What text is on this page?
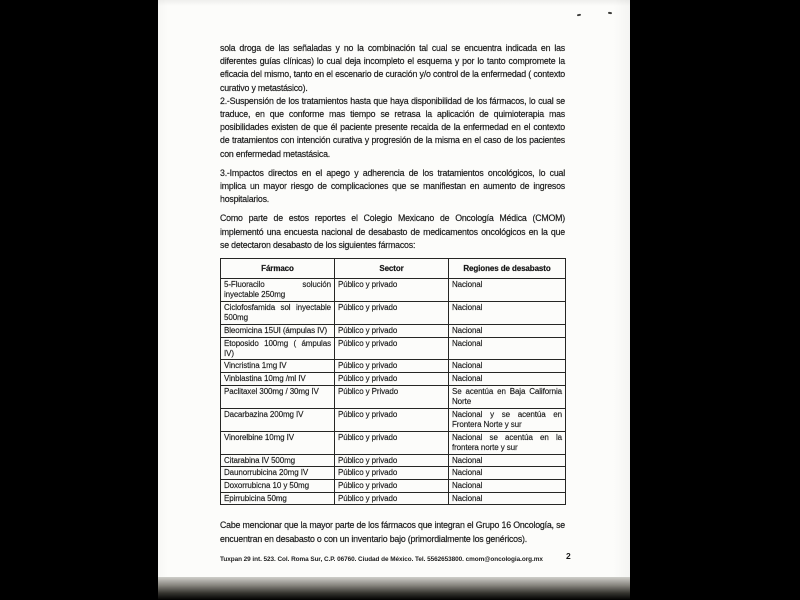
sola droga de las señaladas y no la combinación tal cual se encuentra indicada en las diferentes guías clínicas) lo cual deja incompleto el esquema y por lo tanto compromete la eficacia del mismo, tanto en el escenario de curación y/o control de la enfermedad ( contexto curativo y metastásico).

2.-Suspensión de los tratamientos hasta que haya disponibilidad de los fármacos, lo cual se traduce, en que conforme mas tiempo se retrasa la aplicación de quimioterapia mas posibilidades existen de que él paciente presente recaida de la enfermedad en el contexto de tratamientos con intención curativa y progresión de la misma en el caso de los pacientes con enfermedad metastásica.

3.-Impactos directos en el apego y adherencia de los tratamientos oncológicos, lo cual implica un mayor riesgo de complicaciones que se manifiestan en aumento de ingresos hospitalarios.

Como parte de estos reportes el Colegio Mexicano de Oncología Médica (CMOM) implementó una encuesta nacional de desabasto de medicamentos oncológicos en la que se detectaron desabasto de los siguientes fármacos:

Fármaco	Sector	Regiones de desabasto
5-Fluoracilo solución inyectable 250mg	Público y privado	Nacional
Ciclofosfamida sol inyectable 500mg	Público y privado	Nacional
Bleomicina 15UI (ámpulas IV)	Público y privado	Nacional
Etoposido 100mg ( ámpulas IV)	Público y privado	Nacional
Vincristina 1mg IV	Público y privado	Nacional
Vinblastina 10mg /ml IV	Público y privado	Nacional
Paclitaxel 300mg / 30mg IV	Público y Privado	Se acentúa en Baja California Norte
Dacarbazina 200mg IV	Público y privado	Nacional y se acentúa en Frontera Norte y sur
Vinorelbine 10mg IV	Público y privado	Nacional se acentúa en la frontera norte y sur
Citarabina IV 500mg	Público y privado	Nacional
Daunorrubicina 20mg IV	Público y privado	Nacional
Doxorrubicna 10 y 50mg	Público y privado	Nacional
Epirrubicina 50mg	Público y privado	Nacional

Cabe mencionar que la mayor parte de los fármacos que integran el Grupo 16 Oncología, se encuentran en desabasto o con un inventario bajo (primordialmente los genéricos).

Tuxpan 29 int. 523. Col. Roma Sur, C.P. 06760. Ciudad de México. Tel. 5562653800. cmom@oncologia.org.mx	2
